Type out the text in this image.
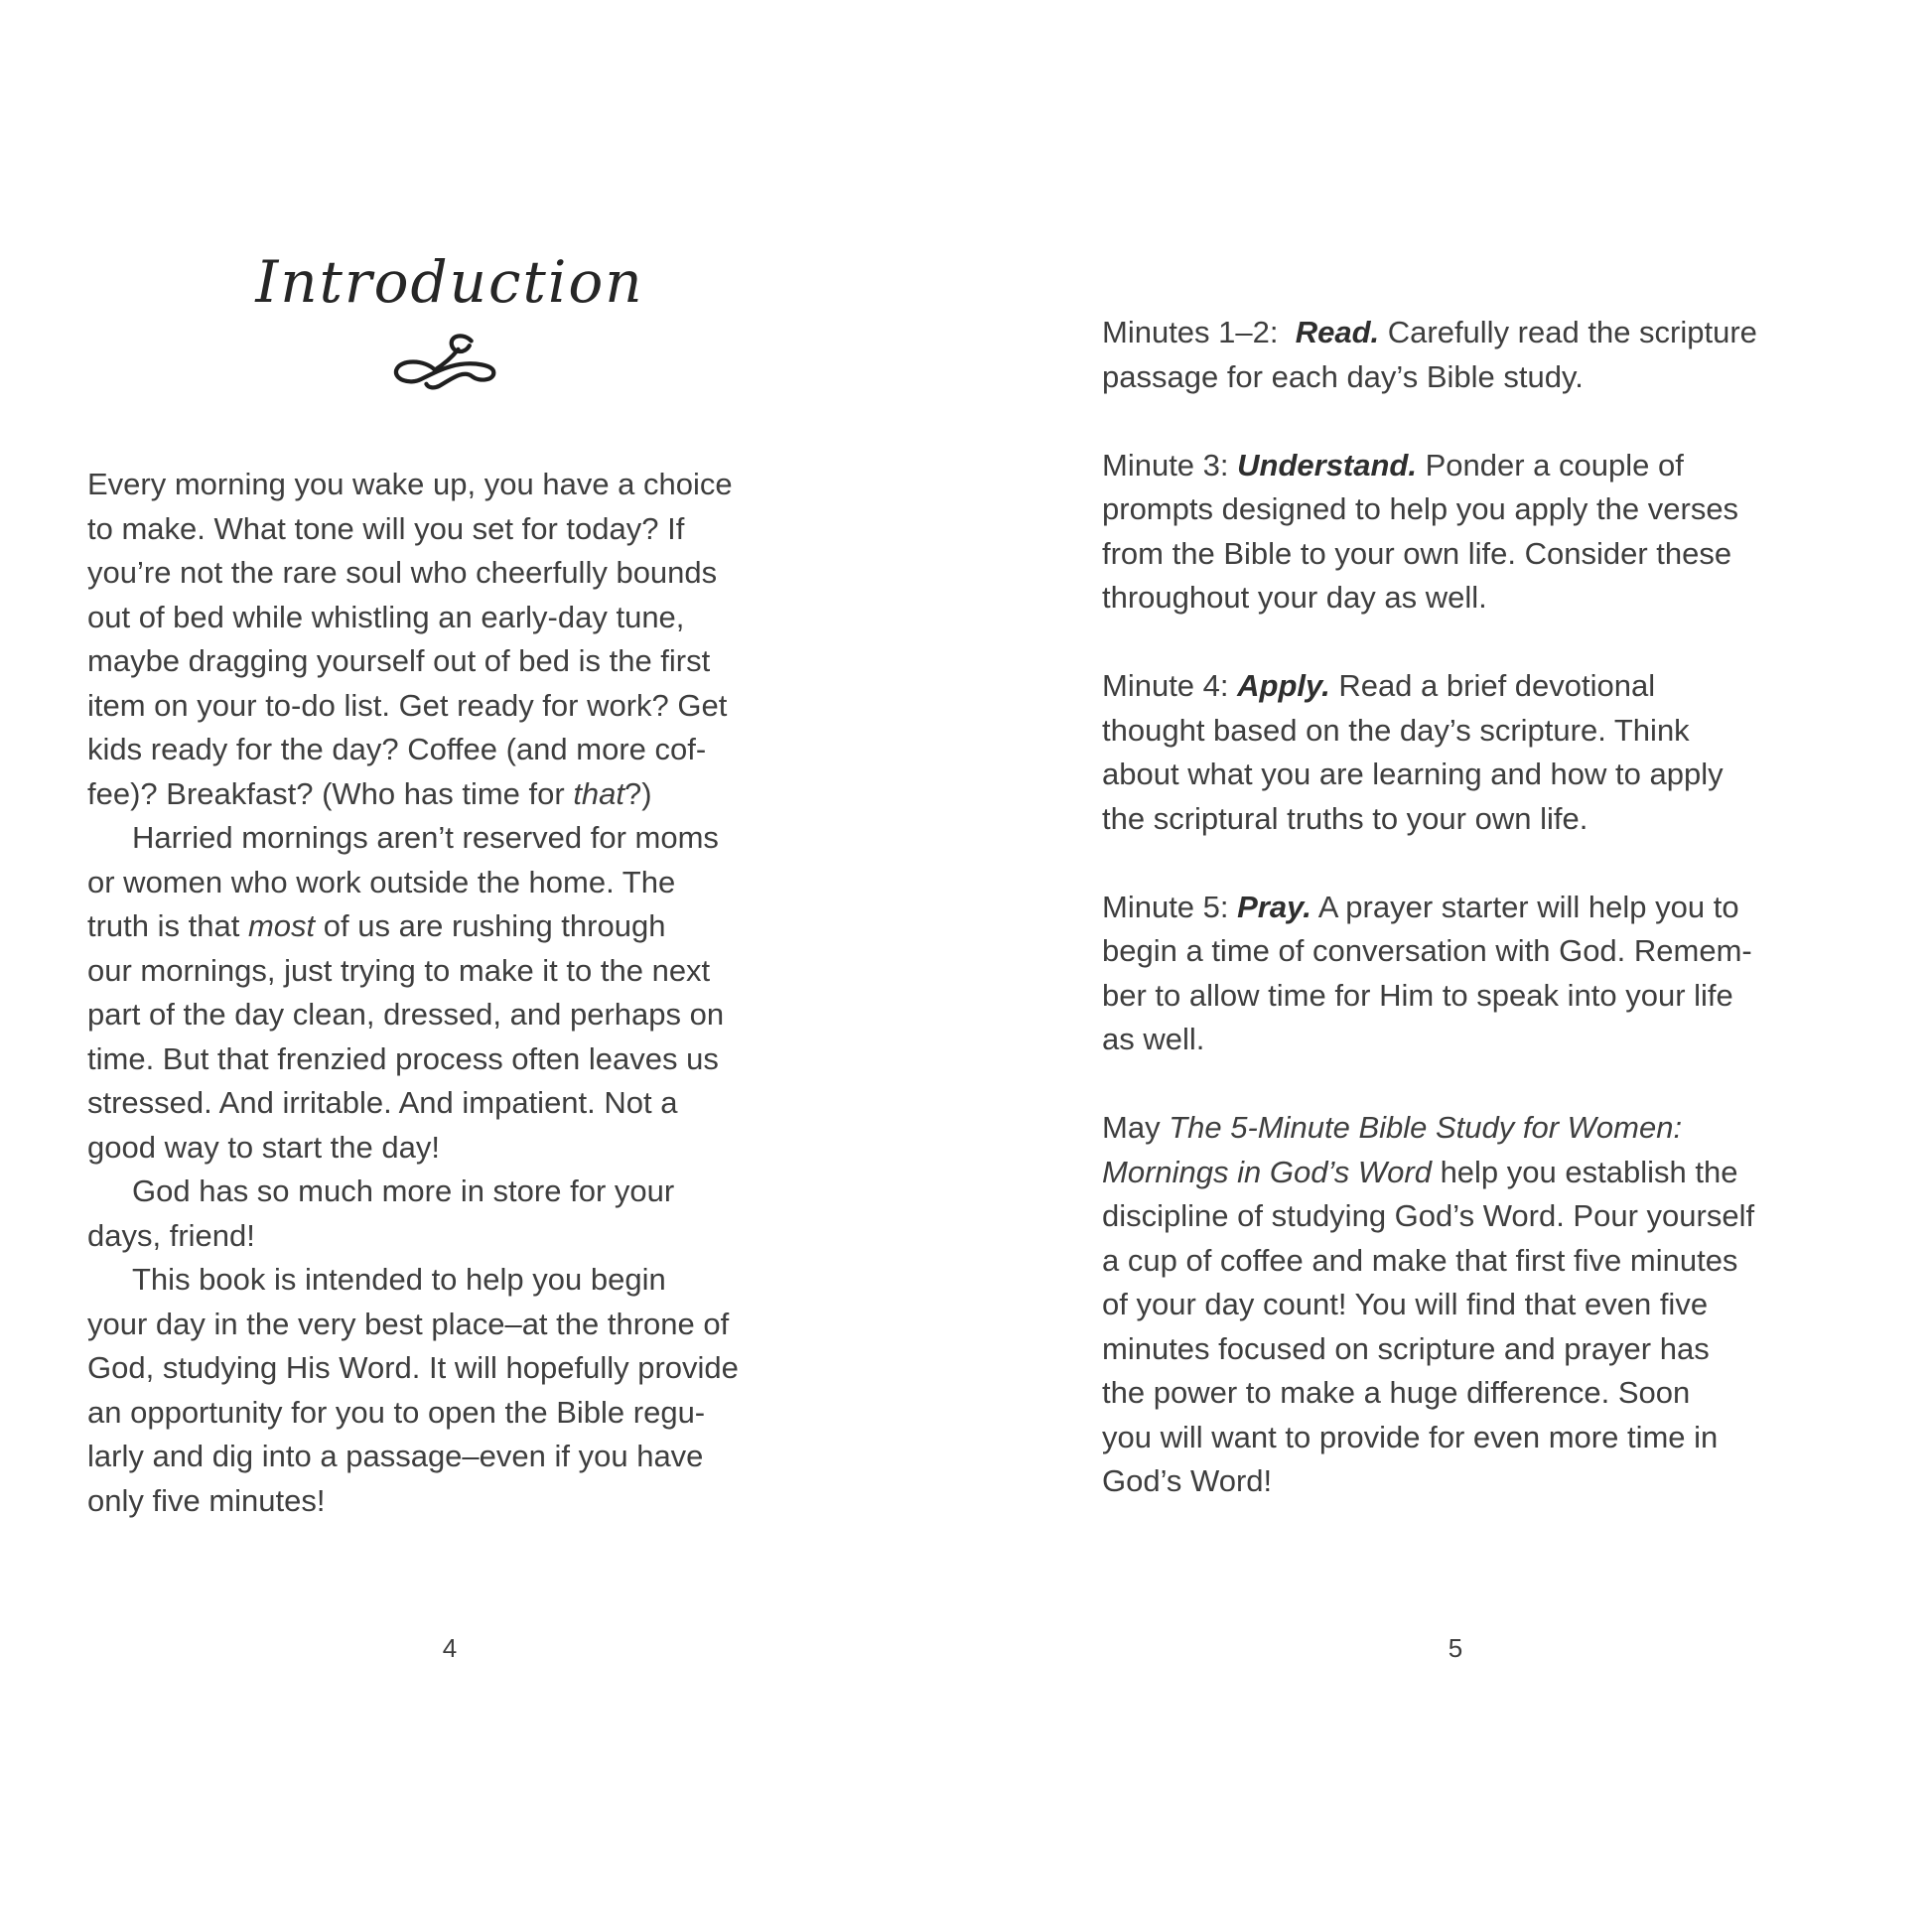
Introduction
Every morning you wake up, you have a choice
to make. What tone will you set for today? If
you’re not the rare soul who cheerfully bounds
out of bed while whistling an early-day tune,
maybe dragging yourself out of bed is the first
item on your to-do list. Get ready for work? Get
kids ready for the day? Coffee (and more cof-
fee)? Breakfast? (Who has time for that?)
Harried mornings aren’t reserved for moms
or women who work outside the home. The
truth is that most of us are rushing through
our mornings, just trying to make it to the next
part of the day clean, dressed, and perhaps on
time. But that frenzied process often leaves us
stressed. And irritable. And impatient. Not a
good way to start the day!
God has so much more in store for your
days, friend!
This book is intended to help you begin
your day in the very best place–at the throne of
God, studying His Word. It will hopefully provide
an opportunity for you to open the Bible regu-
larly and dig into a passage–even if you have
only five minutes!
4
Minutes 1–2:  Read. Carefully read the scripture
passage for each day’s Bible study.
Minute 3: Understand. Ponder a couple of
prompts designed to help you apply the verses
from the Bible to your own life. Consider these
throughout your day as well.
Minute 4: Apply. Read a brief devotional
thought based on the day’s scripture. Think
about what you are learning and how to apply
the scriptural truths to your own life.
Minute 5: Pray. A prayer starter will help you to
begin a time of conversation with God. Remem-
ber to allow time for Him to speak into your life
as well.
May The 5-Minute Bible Study for Women:
Mornings in God’s Word help you establish the
discipline of studying God’s Word. Pour yourself
a cup of coffee and make that first five minutes
of your day count! You will find that even five
minutes focused on scripture and prayer has
the power to make a huge difference. Soon
you will want to provide for even more time in
God’s Word!
5
